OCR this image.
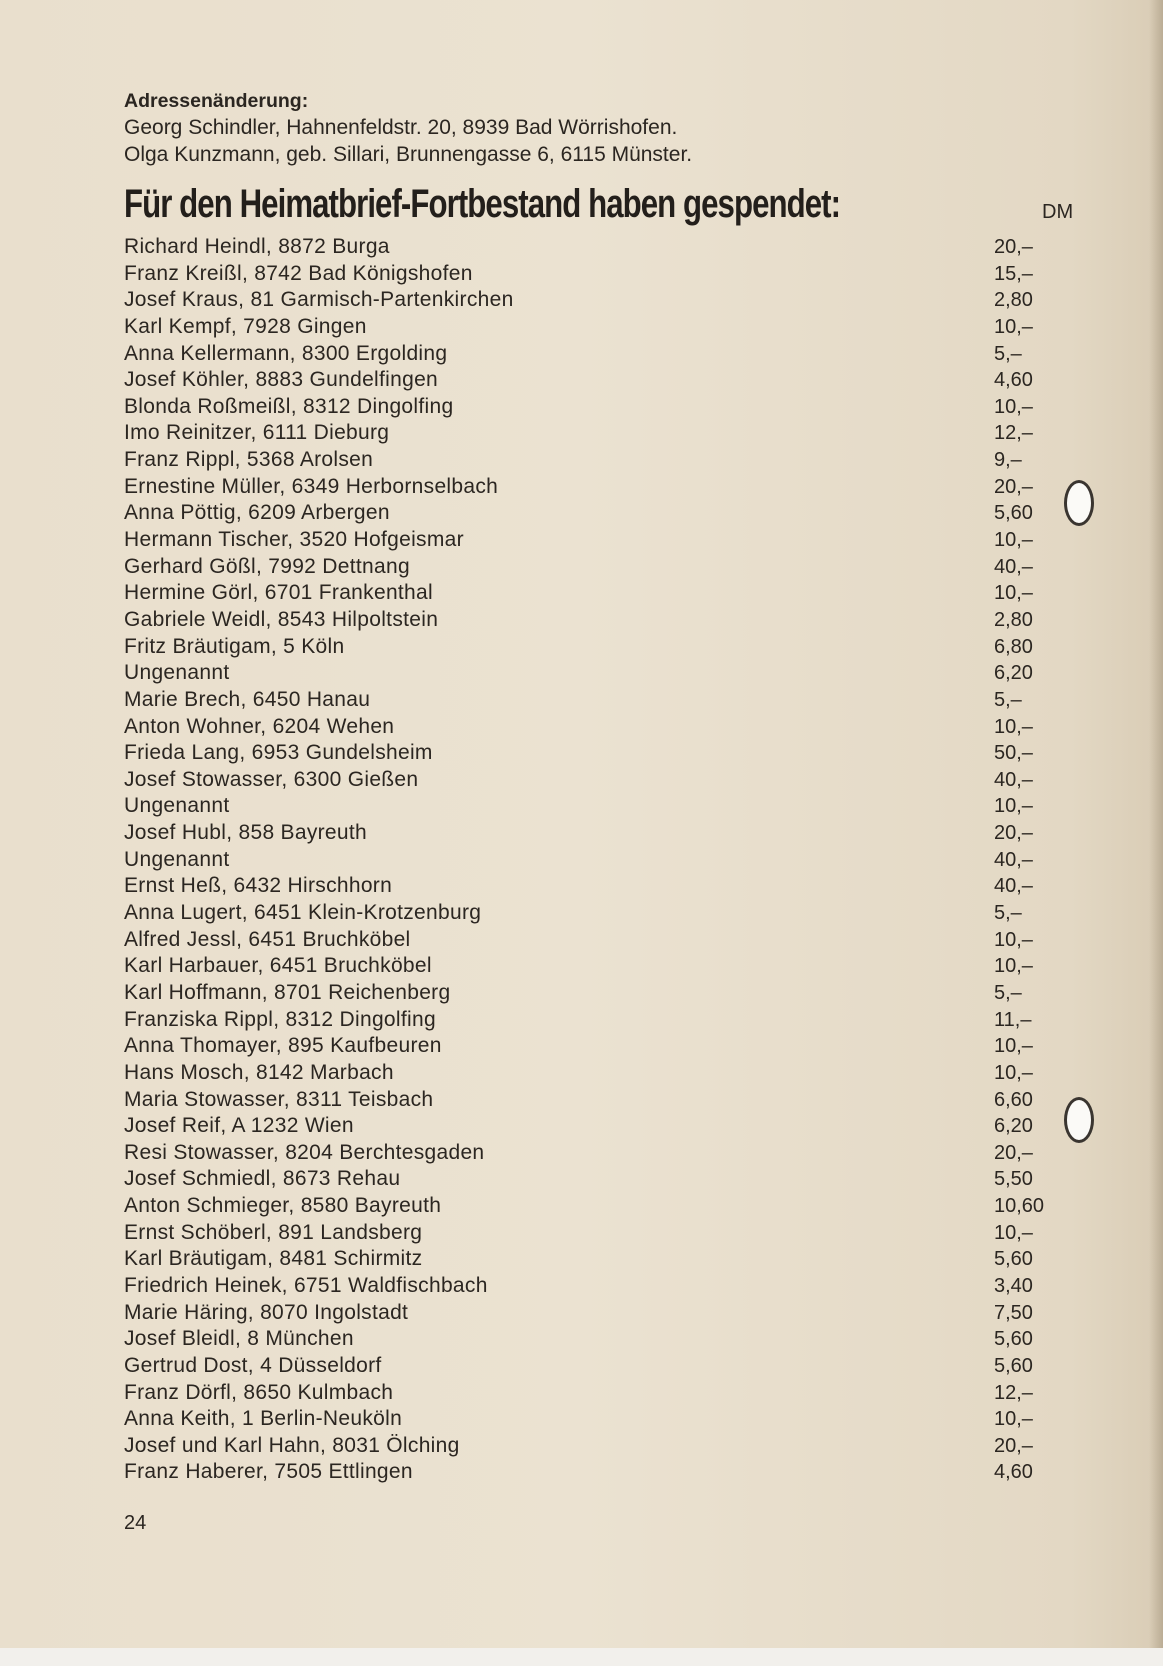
Adressenänderung:

Georg Schindler, Hahnenfeldstr. 20, 8939 Bad Wörrishofen.

Olga Kunzmann, geb. Sillari, Brunnengasse 6, 6115 Münster.

Für den Heimatbrief-Fortbestand haben gespendet:	DM
Richard Heindl, 8872 Burga	20,–
Franz Kreißl, 8742 Bad Königshofen	15,–
Josef Kraus, 81 Garmisch-Partenkirchen	2,80
Karl Kempf, 7928 Gingen	10,–
Anna Kellermann, 8300 Ergolding	5,–
Josef Köhler, 8883 Gundelfingen	4,60
Blonda Roßmeißl, 8312 Dingolfing	10,–
Imo Reinitzer, 6111 Dieburg	12,–
Franz Rippl, 5368 Arolsen	9,–
Ernestine Müller, 6349 Herbornselbach	20,–
Anna Pöttig, 6209 Arbergen	5,60
Hermann Tischer, 3520 Hofgeismar	10,–
Gerhard Gößl, 7992 Dettnang	40,–
Hermine Görl, 6701 Frankenthal	10,–
Gabriele Weidl, 8543 Hilpoltstein	2,80
Fritz Bräutigam, 5 Köln	6,80
Ungenannt	6,20
Marie Brech, 6450 Hanau	5,–
Anton Wohner, 6204 Wehen	10,–
Frieda Lang, 6953 Gundelsheim	50,–
Josef Stowasser, 6300 Gießen	40,–
Ungenannt	10,–
Josef Hubl, 858 Bayreuth	20,–
Ungenannt	40,–
Ernst Heß, 6432 Hirschhorn	40,–
Anna Lugert, 6451 Klein-Krotzenburg	5,–
Alfred Jessl, 6451 Bruchköbel	10,–
Karl Harbauer, 6451 Bruchköbel	10,–
Karl Hoffmann, 8701 Reichenberg	5,–
Franziska Rippl, 8312 Dingolfing	11,–
Anna Thomayer, 895 Kaufbeuren	10,–
Hans Mosch, 8142 Marbach	10,–
Maria Stowasser, 8311 Teisbach	6,60
Josef Reif, A 1232 Wien	6,20
Resi Stowasser, 8204 Berchtesgaden	20,–
Josef Schmiedl, 8673 Rehau	5,50
Anton Schmieger, 8580 Bayreuth	10,60
Ernst Schöberl, 891 Landsberg	10,–
Karl Bräutigam, 8481 Schirmitz	5,60
Friedrich Heinek, 6751 Waldfischbach	3,40
Marie Häring, 8070 Ingolstadt	7,50
Josef Bleidl, 8 München	5,60
Gertrud Dost, 4 Düsseldorf	5,60
Franz Dörfl, 8650 Kulmbach	12,–
Anna Keith, 1 Berlin-Neuköln	10,–
Josef und Karl Hahn, 8031 Ölching	20,–
Franz Haberer, 7505 Ettlingen	4,60
24
